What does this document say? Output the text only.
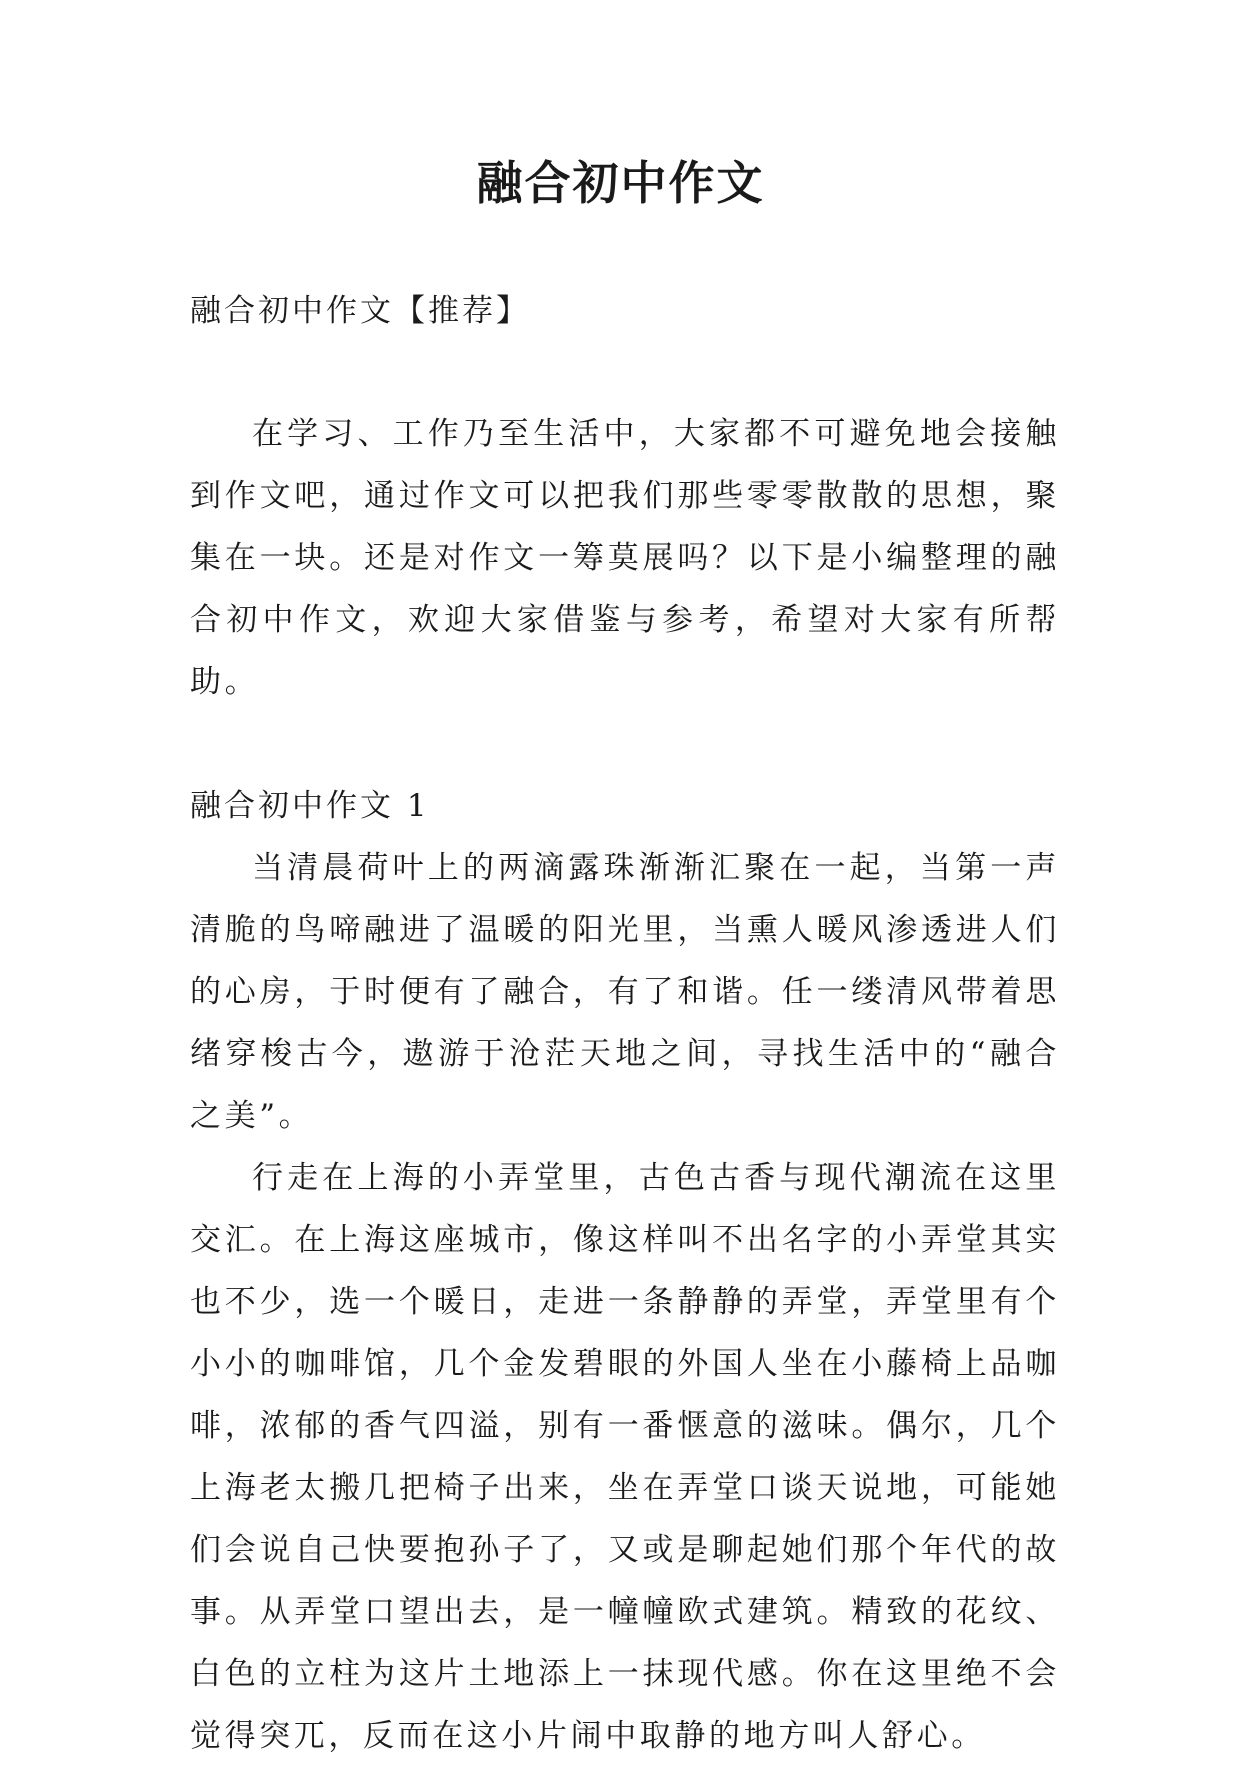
融合初中作文

融合初中作文【推荐】

在学习、工作乃至生活中，大家都不可避免地会接触到作文吧，通过作文可以把我们那些零零散散的思想，聚集在一块。还是对作文一筹莫展吗？以下是小编整理的融合初中作文，欢迎大家借鉴与参考，希望对大家有所帮助。

融合初中作文 1

当清晨荷叶上的两滴露珠渐渐汇聚在一起，当第一声清脆的鸟啼融进了温暖的阳光里，当熏人暖风渗透进人们的心房，于时便有了融合，有了和谐。任一缕清风带着思绪穿梭古今，遨游于沧茫天地之间，寻找生活中的“融合之美”。

行走在上海的小弄堂里，古色古香与现代潮流在这里交汇。在上海这座城市，像这样叫不出名字的小弄堂其实也不少，选一个暖日，走进一条静静的弄堂，弄堂里有个小小的咖啡馆，几个金发碧眼的外国人坐在小藤椅上品咖啡，浓郁的香气四溢，别有一番惬意的滋味。偶尔，几个上海老太搬几把椅子出来，坐在弄堂口谈天说地，可能她们会说自己快要抱孙子了，又或是聊起她们那个年代的故事。从弄堂口望出去，是一幢幢欧式建筑。精致的花纹、白色的立柱为这片土地添上一抹现代感。你在这里绝不会觉得突兀，反而在这小片闹中取静的地方叫人舒心。
